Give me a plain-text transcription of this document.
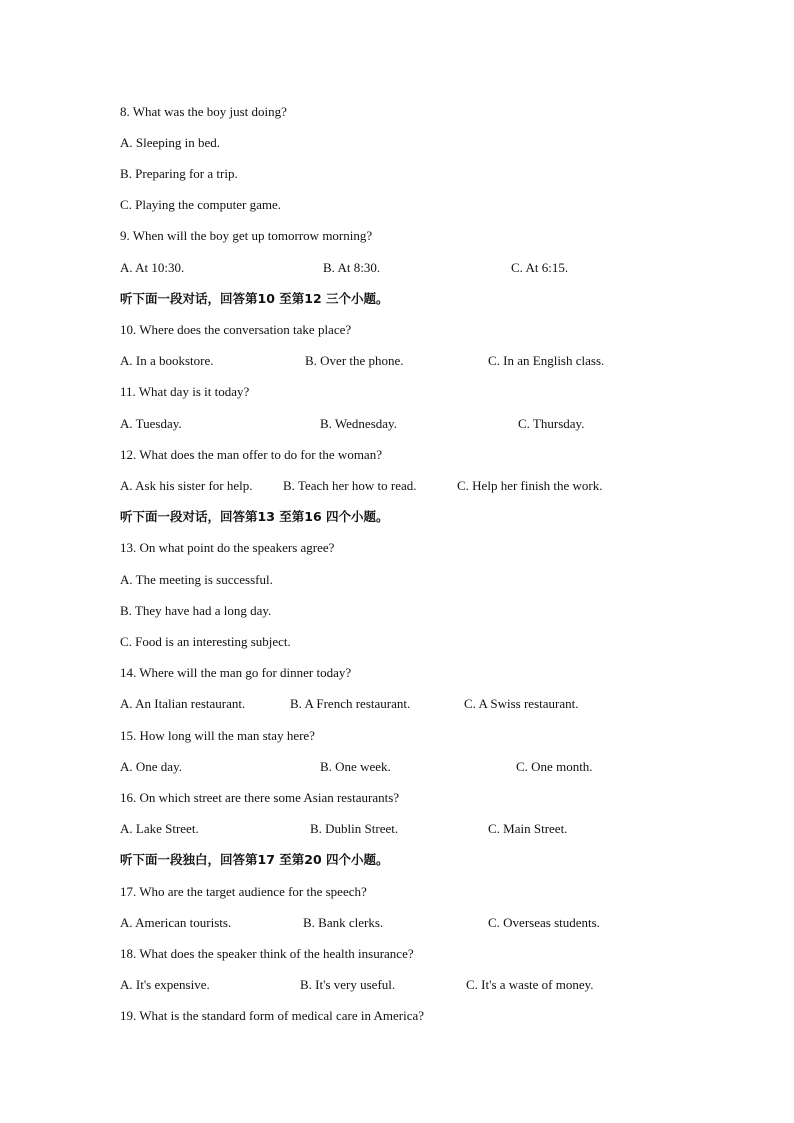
8. What was the boy just doing?
A. Sleeping in bed.
B. Preparing for a trip.
C. Playing the computer game.
9. When will the boy get up tomorrow morning?
A. At 10:30.	B. At 8:30.	C. At 6:15.
听下面一段对话，回答第10 至第12 三个小题。
10. Where does the conversation take place?
A. In a bookstore.	B. Over the phone.	C. In an English class.
11. What day is it today?
A. Tuesday.	B. Wednesday.	C. Thursday.
12. What does the man offer to do for the woman?
A. Ask his sister for help. B. Teach her how to read.	C. Help her finish the work.
听下面一段对话，回答第13 至第16 四个小题。
13. On what point do the speakers agree?
A. The meeting is successful.
B. They have had a long day.
C. Food is an interesting subject.
14. Where will the man go for dinner today?
A. An Italian restaurant.	B. A French restaurant.	C. A Swiss restaurant.
15. How long will the man stay here?
A. One day.	B. One week.	C. One month.
16. On which street are there some Asian restaurants?
A. Lake Street.	B. Dublin Street.	C. Main Street.
听下面一段独白，回答第17 至第20 四个小题。
17. Who are the target audience for the speech?
A. American tourists.	B. Bank clerks.	C. Overseas students.
18. What does the speaker think of the health insurance?
A. It's expensive.	B. It's very useful.	C. It's a waste of money.
19. What is the standard form of medical care in America?
